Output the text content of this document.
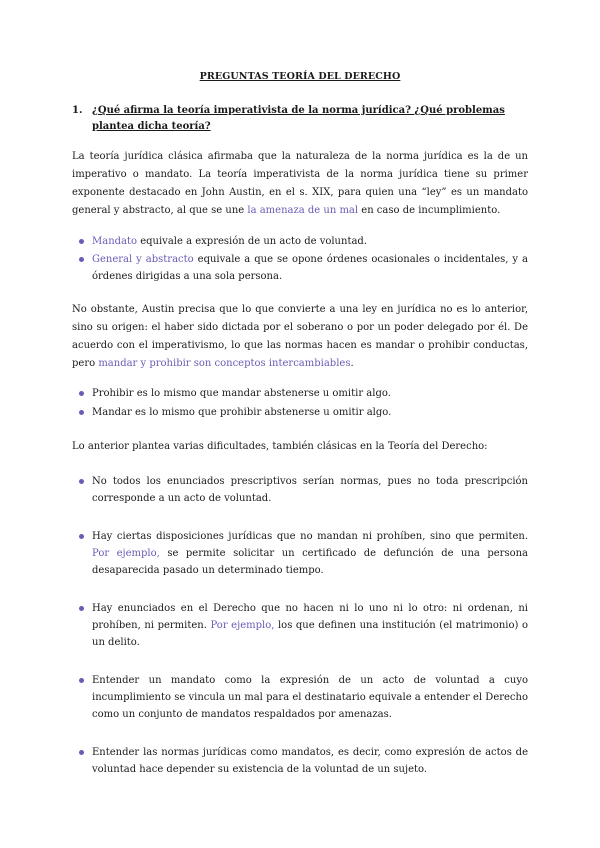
PREGUNTAS TEORÍA DEL DERECHO
1. ¿Qué afirma la teoría imperativista de la norma jurídica? ¿Qué problemas plantea dicha teoría?
La teoría jurídica clásica afirmaba que la naturaleza de la norma jurídica es la de un imperativo o mandato. La teoría imperativista de la norma jurídica tiene su primer exponente destacado en John Austin, en el s. XIX, para quien una “ley” es un mandato general y abstracto, al que se une la amenaza de un mal en caso de incumplimiento.
Mandato equivale a expresión de un acto de voluntad.
General y abstracto equivale a que se opone órdenes ocasionales o incidentales, y a órdenes dirigidas a una sola persona.
No obstante, Austin precisa que lo que convierte a una ley en jurídica no es lo anterior, sino su origen: el haber sido dictada por el soberano o por un poder delegado por él. De acuerdo con el imperativismo, lo que las normas hacen es mandar o prohibir conductas, pero mandar y prohibir son conceptos intercambiables.
Prohibir es lo mismo que mandar abstenerse u omitir algo.
Mandar es lo mismo que prohibir abstenerse u omitir algo.
Lo anterior plantea varias dificultades, también clásicas en la Teoría del Derecho:
No todos los enunciados prescriptivos serían normas, pues no toda prescripción corresponde a un acto de voluntad.
Hay ciertas disposiciones jurídicas que no mandan ni prohíben, sino que permiten. Por ejemplo, se permite solicitar un certificado de defunción de una persona desaparecida pasado un determinado tiempo.
Hay enunciados en el Derecho que no hacen ni lo uno ni lo otro: ni ordenan, ni prohíben, ni permiten. Por ejemplo, los que definen una institución (el matrimonio) o un delito.
Entender un mandato como la expresión de un acto de voluntad a cuyo incumplimiento se vincula un mal para el destinatario equivale a entender el Derecho como un conjunto de mandatos respaldados por amenazas.
Entender las normas jurídicas como mandatos, es decir, como expresión de actos de voluntad hace depender su existencia de la voluntad de un sujeto.
